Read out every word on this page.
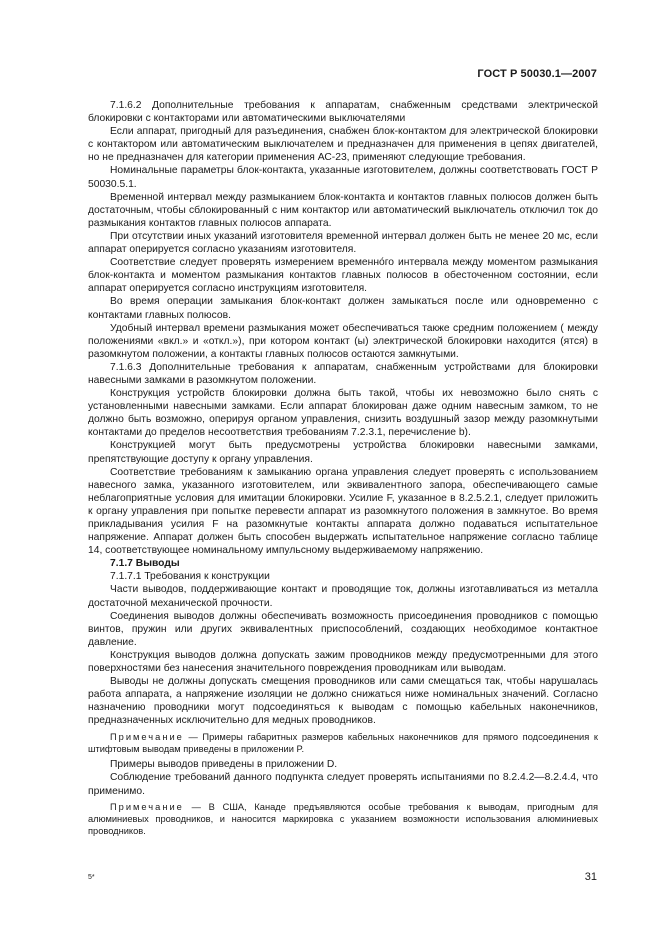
ГОСТ Р 50030.1—2007

7.1.6.2 Дополнительные требования к аппаратам, снабженным средствами электрической блокировки с контакторами или автоматическими выключателями

Если аппарат, пригодный для разъединения, снабжен блок-контактом для электрической блокировки с контактором или автоматическим выключателем и предназначен для применения в цепях двигателей, но не предназначен для категории применения АС-23, применяют следующие требования.

Номинальные параметры блок-контакта, указанные изготовителем, должны соответствовать ГОСТ Р 50030.5.1.

Временной интервал между размыканием блок-контакта и контактов главных полюсов должен быть достаточным, чтобы сблокированный с ним контактор или автоматический выключатель отключил ток до размыкания контактов главных полюсов аппарата.

При отсутствии иных указаний изготовителя временной интервал должен быть не менее 20 мс, если аппарат оперируется согласно указаниям изготовителя.

Соответствие следует проверять измерением временно́го интервала между моментом размыкания блок-контакта и моментом размыкания контактов главных полюсов в обесточенном состоянии, если аппарат оперируется согласно инструкциям изготовителя.

Во время операции замыкания блок-контакт должен замыкаться после или одновременно с контактами главных полюсов.

Удобный интервал времени размыкания может обеспечиваться также средним положением ( между положениями «вкл.» и «откл.»), при котором контакт (ы) электрической блокировки находится (ятся) в разомкнутом положении, а контакты главных полюсов остаются замкнутыми.

7.1.6.3 Дополнительные требования к аппаратам, снабженным устройствами для блокировки навесными замками в разомкнутом положении.

Конструкция устройств блокировки должна быть такой, чтобы их невозможно было снять с установленными навесными замками. Если аппарат блокирован даже одним навесным замком, то не должно быть возможно, оперируя органом управления, снизить воздушный зазор между разомкнутыми контактами до пределов несоответствия требованиям 7.2.3.1, перечисление b).

Конструкцией могут быть предусмотрены устройства блокировки навесными замками, препятствующие доступу к органу управления.

Соответствие требованиям к замыканию органа управления следует проверять с использованием навесного замка, указанного изготовителем, или эквивалентного запора, обеспечивающего самые неблагоприятные условия для имитации блокировки. Усилие F, указанное в 8.2.5.2.1, следует приложить к органу управления при попытке перевести аппарат из разомкнутого положения в замкнутое. Во время прикладывания усилия F на разомкнутые контакты аппарата должно подаваться испытательное напряжение. Аппарат должен быть способен выдержать испытательное напряжение согласно таблице 14, соответствующее номинальному импульсному выдерживаемому напряжению.

7.1.7 Выводы

7.1.7.1 Требования к конструкции

Части выводов, поддерживающие контакт и проводящие ток, должны изготавливаться из металла достаточной механической прочности.

Соединения выводов должны обеспечивать возможность присоединения проводников с помощью винтов, пружин или других эквивалентных приспособлений, создающих необходимое контактное давление.

Конструкция выводов должна допускать зажим проводников между предусмотренными для этого поверхностями без нанесения значительного повреждения проводникам или выводам.

Выводы не должны допускать смещения проводников или сами смещаться так, чтобы нарушалась работа аппарата, а напряжение изоляции не должно снижаться ниже номинальных значений. Согласно назначению проводники могут подсоединяться к выводам с помощью кабельных наконечников, предназначенных исключительно для медных проводников.

Примечание — Примеры габаритных размеров кабельных наконечников для прямого подсоединения к штифтовым выводам приведены в приложении P.

Примеры выводов приведены в приложении D.

Соблюдение требований данного подпункта следует проверять испытаниями по 8.2.4.2—8.2.4.4, что применимо.

Примечание — В США, Канаде предъявляются особые требования к выводам, пригодным для алюминиевых проводников, и наносится маркировка с указанием возможности использования алюминиевых проводников.

5*	31
